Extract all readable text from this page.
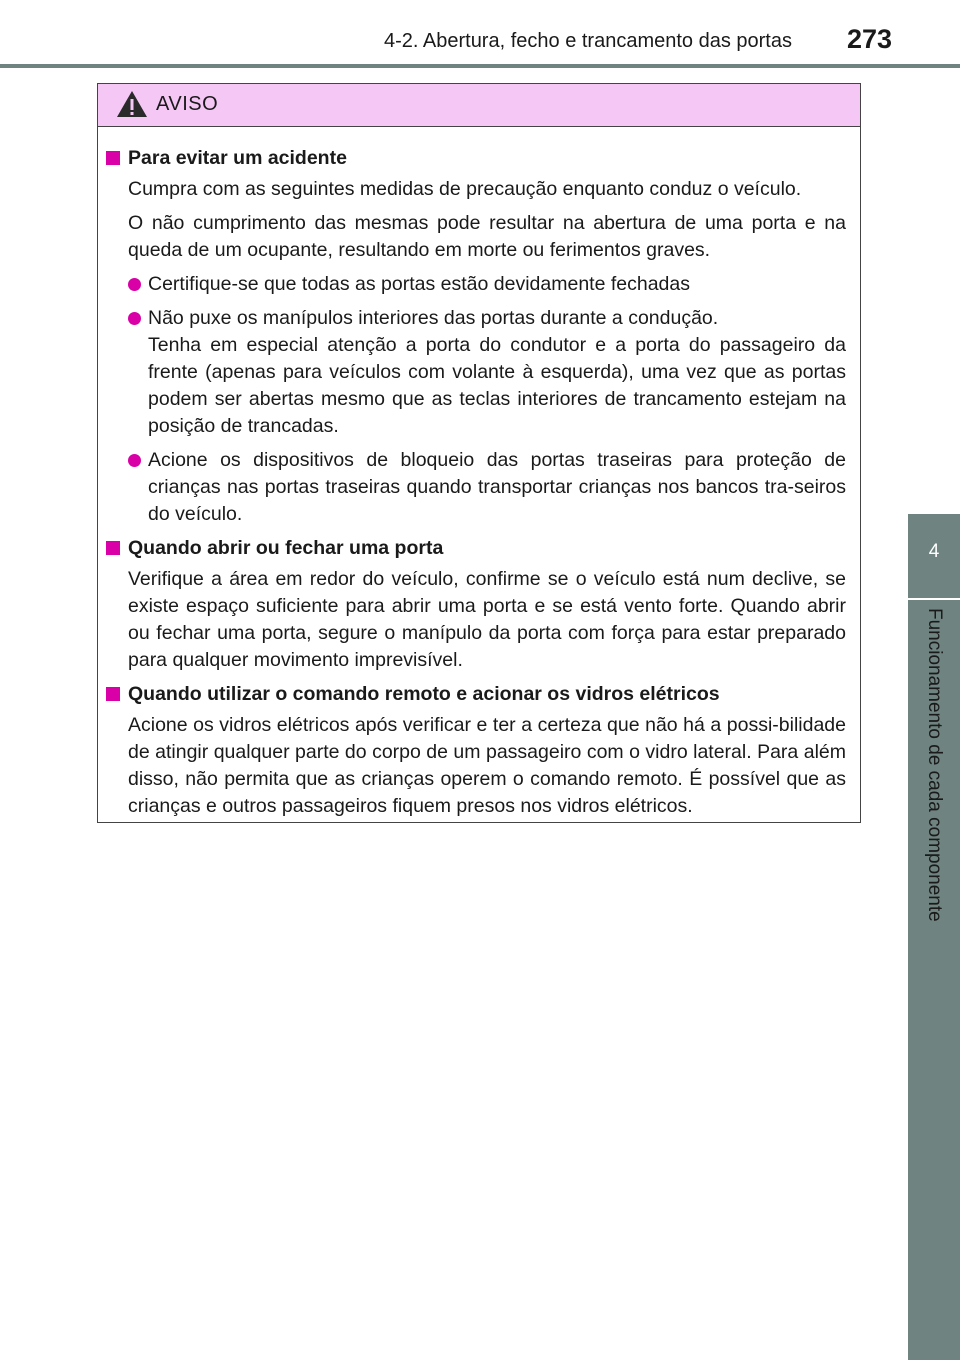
4-2. Abertura, fecho e trancamento das portas	273
4
Funcionamento de cada componente
AVISO
Para evitar um acidente
Cumpra com as seguintes medidas de precaução enquanto conduz o veículo.
O não cumprimento das mesmas pode resultar na abertura de uma porta e na queda de um ocupante, resultando em morte ou ferimentos graves.
Certifique-se que todas as portas estão devidamente fechadas
Não puxe os manípulos interiores das portas durante a condução.
Tenha em especial atenção a porta do condutor e a porta do passageiro da frente (apenas para veículos com volante à esquerda), uma vez que as portas podem ser abertas mesmo que as teclas interiores de trancamento estejam na posição de trancadas.
Acione os dispositivos de bloqueio das portas traseiras para proteção de crianças nas portas traseiras quando transportar crianças nos bancos tra-seiros do veículo.
Quando abrir ou fechar uma porta
Verifique a área em redor do veículo, confirme se o veículo está num declive, se existe espaço suficiente para abrir uma porta e se está vento forte. Quando abrir ou fechar uma porta, segure o manípulo da porta com força para estar preparado para qualquer movimento imprevisível.
Quando utilizar o comando remoto e acionar os vidros elétricos
Acione os vidros elétricos após verificar e ter a certeza que não há a possi-bilidade de atingir qualquer parte do corpo de um passageiro com o vidro lateral. Para além disso, não permita que as crianças operem o comando remoto. É possível que as crianças e outros passageiros fiquem presos nos vidros elétricos.
